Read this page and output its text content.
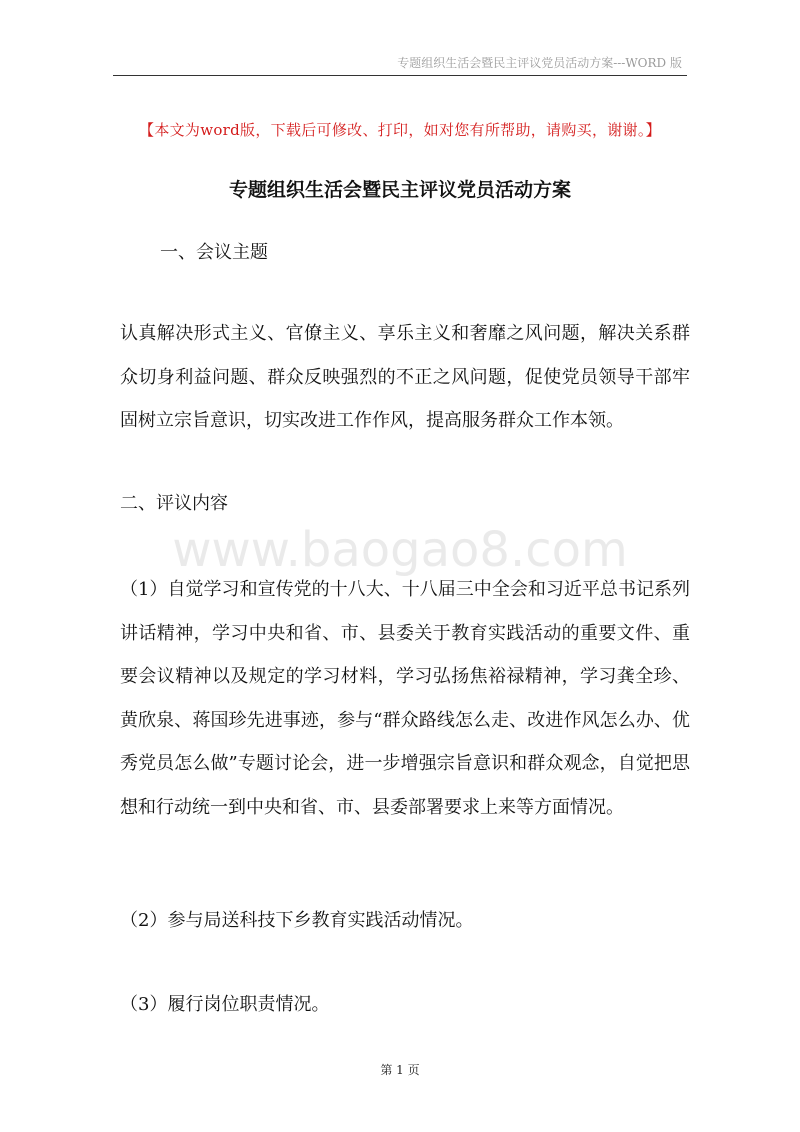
专题组织生活会暨民主评议党员活动方案---WORD 版
【本文为word版，下载后可修改、打印，如对您有所帮助，请购买，谢谢。】
专题组织生活会暨民主评议党员活动方案

一、会议主题

认真解决形式主义、官僚主义、享乐主义和奢靡之风问题，解决关系群众切身利益问题、群众反映强烈的不正之风问题，促使党员领导干部牢固树立宗旨意识，切实改进工作作风，提高服务群众工作本领。

二、评议内容

www.baogao8.com

（1）自觉学习和宣传党的十八大、十八届三中全会和习近平总书记系列讲话精神，学习中央和省、市、县委关于教育实践活动的重要文件、重要会议精神以及规定的学习材料，学习弘扬焦裕禄精神，学习龚全珍、黄欣泉、蒋国珍先进事迹，参与“群众路线怎么走、改进作风怎么办、优秀党员怎么做”专题讨论会，进一步增强宗旨意识和群众观念，自觉把思想和行动统一到中央和省、市、县委部署要求上来等方面情况。

（2）参与局送科技下乡教育实践活动情况。

（3）履行岗位职责情况。

第 1 页
